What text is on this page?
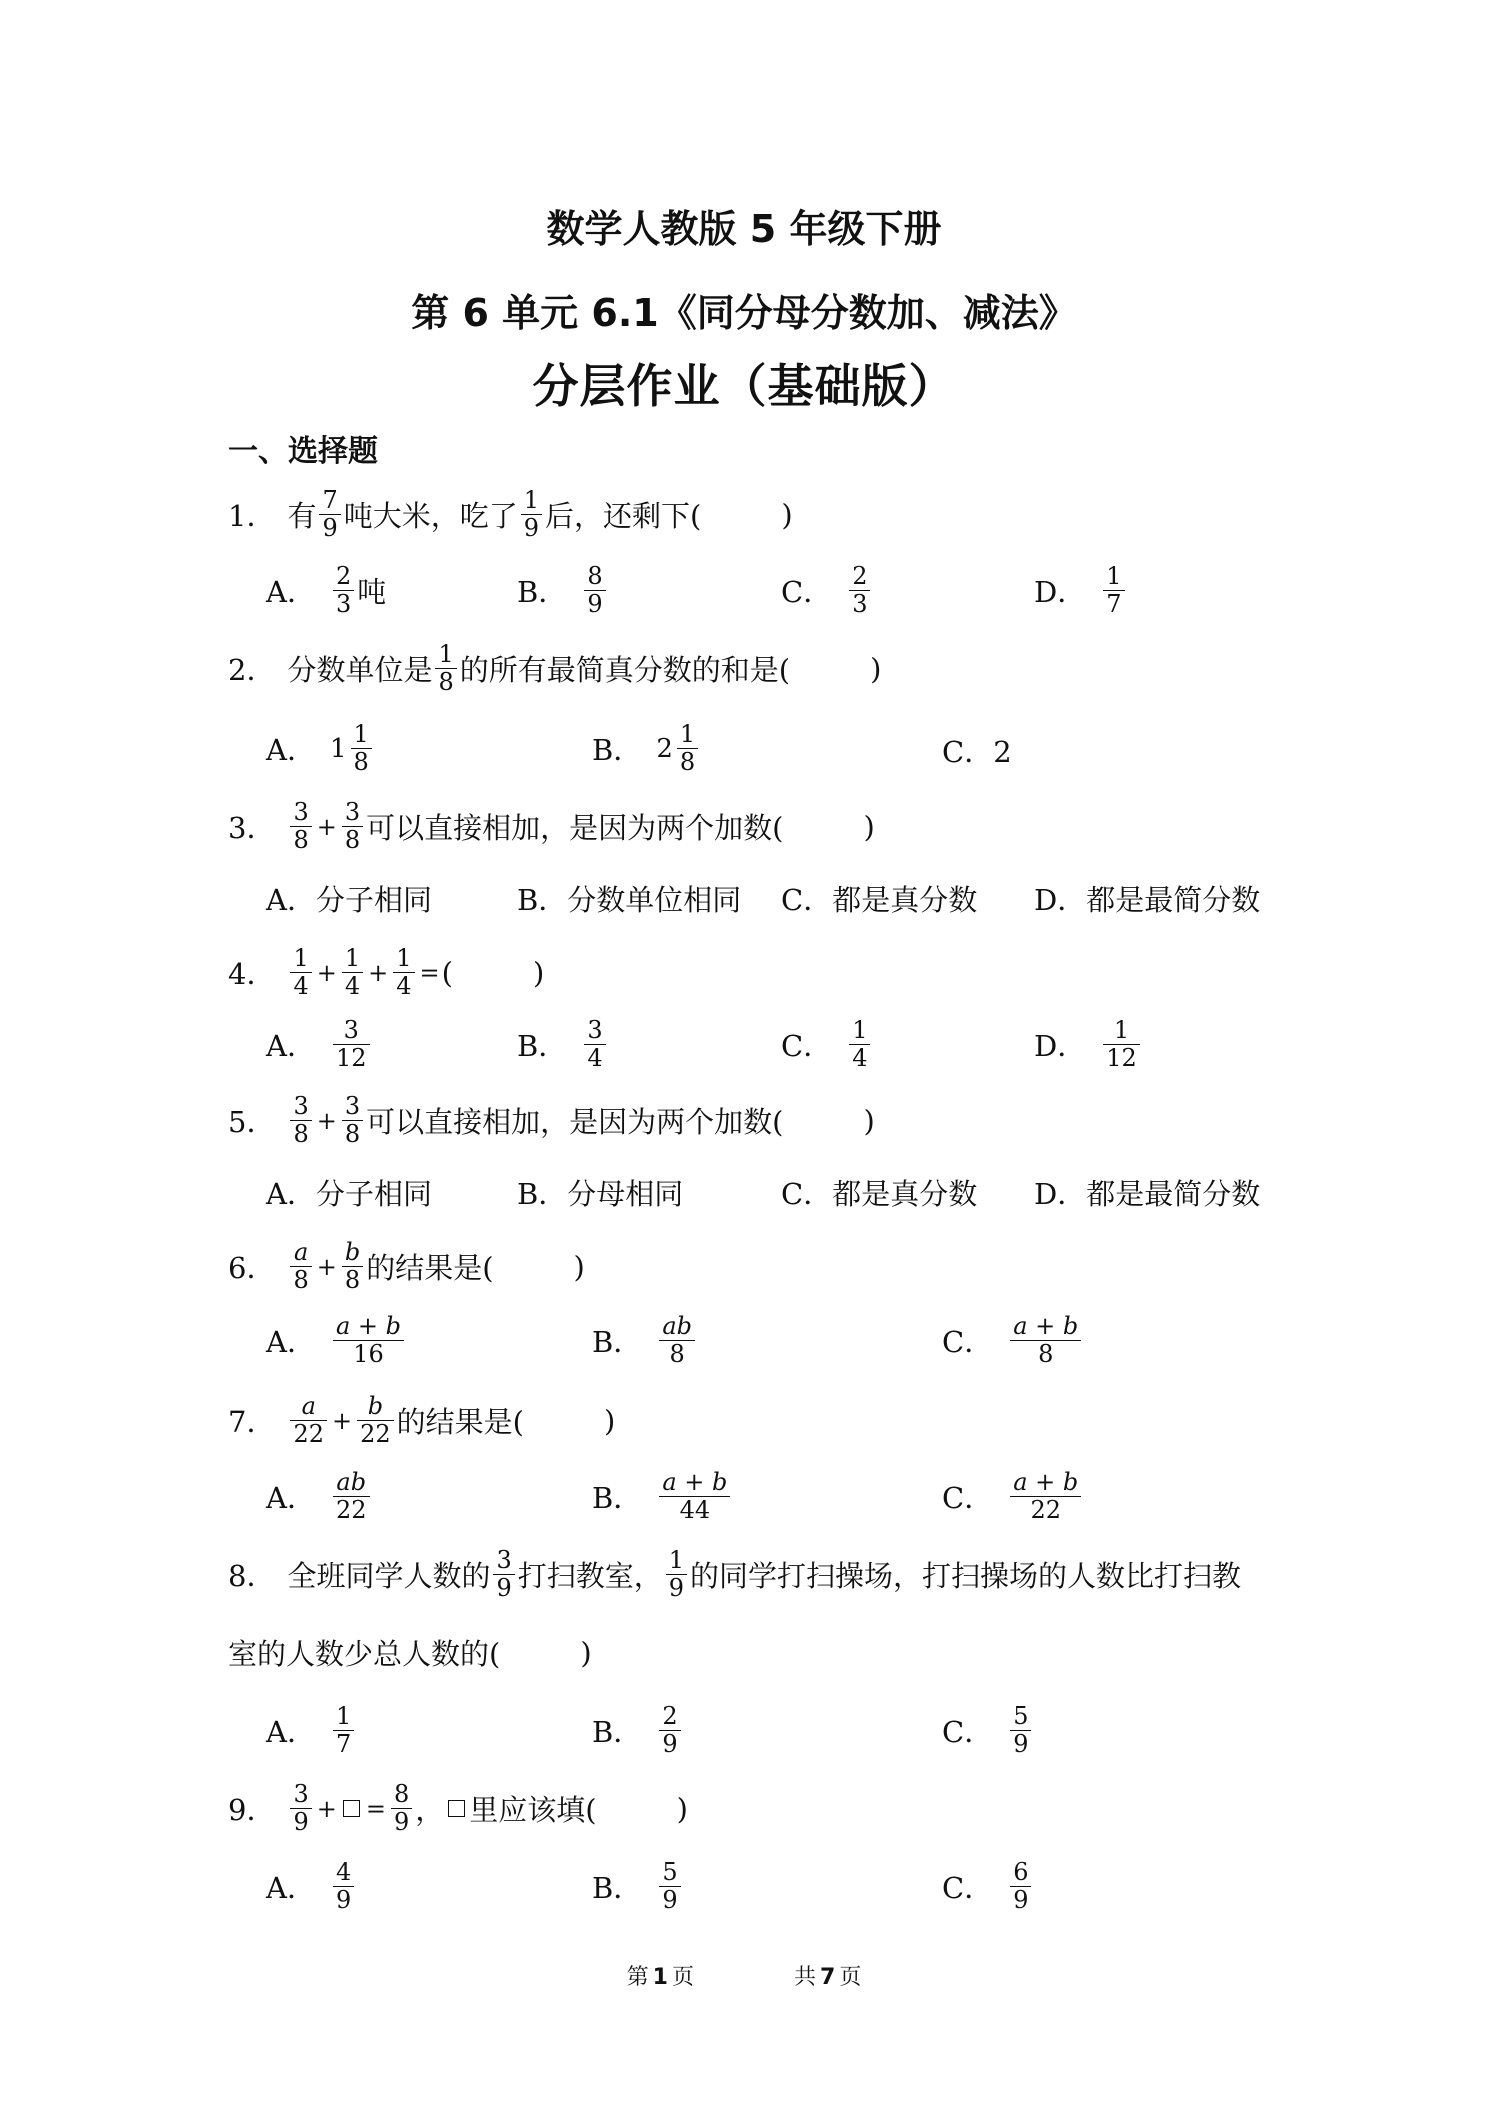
数学人教版 5 年级下册
第 6 单元 6.1《同分母分数加、减法》
分层作业（基础版）
一、选择题
1． 有 $\frac{7}{9}$ 吨大米，吃了 $\frac{1}{9}$ 后，还剩下(	)
A． $\frac{2}{3}$ 吨	B． $\frac{8}{9}$	C． $\frac{2}{3}$	D． $\frac{1}{7}$
2． 分数单位是 $\frac{1}{8}$ 的所有最简真分数的和是(	)
A． $1 \frac{1}{8}$	B． $2 \frac{1}{8}$	C．2
3． $\frac{3}{8} + \frac{3}{8}$ 可以直接相加，是因为两个加数(	)
A．分子相同	B．分数单位相同 C．都是真分数 D．都是最简分数
4． $\frac{1}{4} + \frac{1}{4} + \frac{1}{4}$ = (	)
A． $\frac{3}{12}$	B． $\frac{3}{4}$	C． $\frac{1}{4}$	D． $\frac{1}{12}$
5． $\frac{3}{8} + \frac{3}{8}$ 可以直接相加，是因为两个加数(	)
A．分子相同	B．分母相同	C．都是真分数 D．都是最简分数
6． $\frac{a}{8} + \frac{b}{8}$ 的结果是(	)
A． $\frac{a + b}{16}$	B． $\frac{ab}{8}$	C． $\frac{a + b}{8}$
7． $\frac{a}{22} + \frac{b}{22}$ 的结果是(	)
A． $\frac{ab}{22}$	B． $\frac{a + b}{44}$	C． $\frac{a + b}{22}$
8． 全班同学人数的 $\frac{3}{9}$ 打扫教室， $\frac{1}{9}$ 的同学打扫操场，打扫操场的人数比打扫教
室的人数少总人数的(	)
A． $\frac{1}{7}$	B． $\frac{2}{9}$	C． $\frac{5}{9}$
9． $\frac{3}{9}$ + = $\frac{8}{9}$ ， 里应该填(	)
A． $\frac{4}{9}$	B． $\frac{5}{9}$	C． $\frac{6}{9}$
第 1 页	共 7 页
